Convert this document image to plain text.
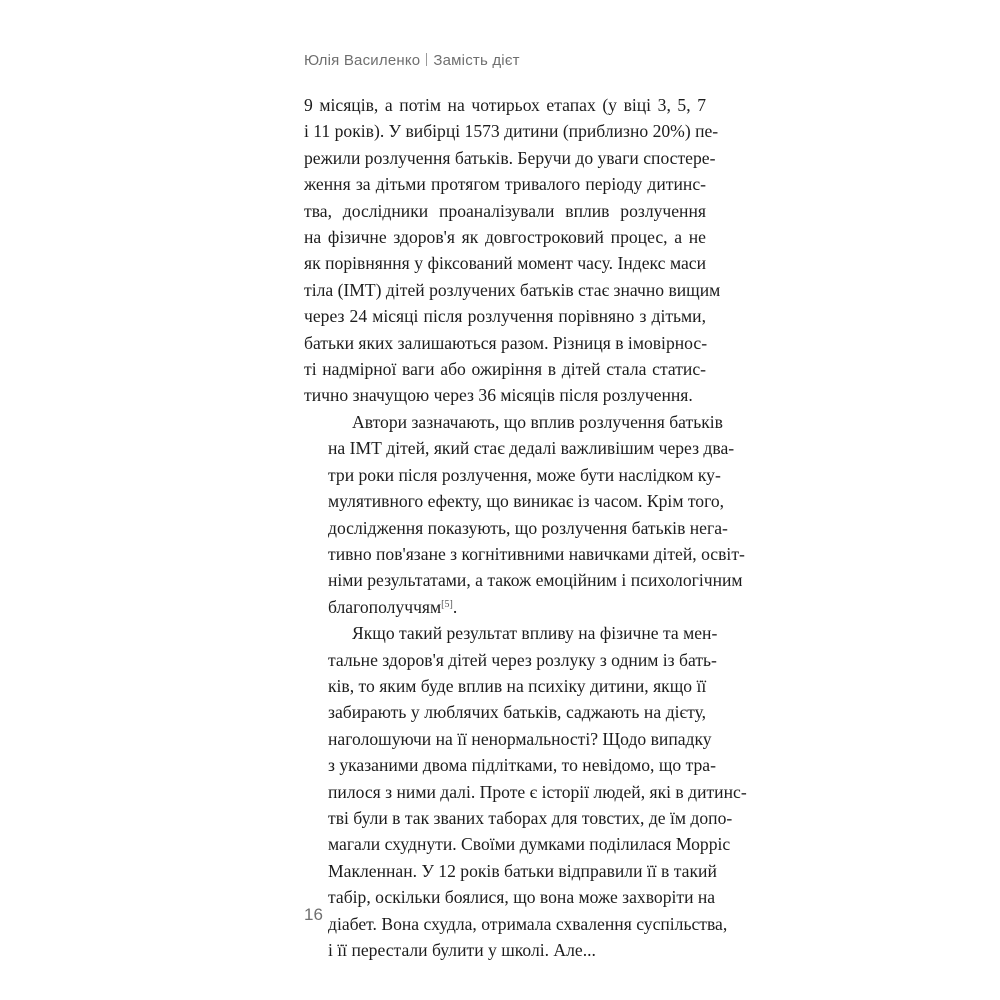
Юлія Василенко Замість дієт

9 місяців, а потім на чотирьох етапах (у віці 3, 5, 7
і 11 років). У вибірці 1573 дитини (приблизно 20%) пе-
режили розлучення батьків. Беручи до уваги спостере-
ження за дітьми протягом тривалого періоду дитинс-
тва, дослідники проаналізували вплив розлучення
на фізичне здоров'я як довгостроковий процес, а не
як порівняння у фіксований момент часу. Індекс маси
тіла (ІМТ) дітей розлучених батьків стає значно вищим
через 24 місяці після розлучення порівняно з дітьми,
батьки яких залишаються разом. Різниця в імовірнос-
ті надмірної ваги або ожиріння в дітей стала статис-
тично значущою через 36 місяців після розлучення.

Автори зазначають, що вплив розлучення батьків
на ІМТ дітей, який стає дедалі важливішим через два-
три роки після розлучення, може бути наслідком ку-
мулятивного ефекту, що виникає із часом. Крім того,
дослідження показують, що розлучення батьків нега-
тивно пов'язане з когнітивними навичками дітей, освіт-
німи результатами, а також емоційним і психологічним
благополуччям[5].

Якщо такий результат впливу на фізичне та мен-
тальне здоров'я дітей через розлуку з одним із бать-
ків, то яким буде вплив на психіку дитини, якщо її
забирають у люблячих батьків, саджають на дієту,
наголошуючи на її ненормальності? Щодо випадку
з указаними двома підлітками, то невідомо, що тра-
пилося з ними далі. Проте є історії людей, які в дитинс-
тві були в так званих таборах для товстих, де їм допо-
магали схуднути. Своїми думками поділилася Морріс
Макленнан. У 12 років батьки відправили її в такий
табір, оскільки боялися, що вона може захворіти на
діабет. Вона схудла, отримала схвалення суспільства,
і її перестали булити у школі. Але...

16
